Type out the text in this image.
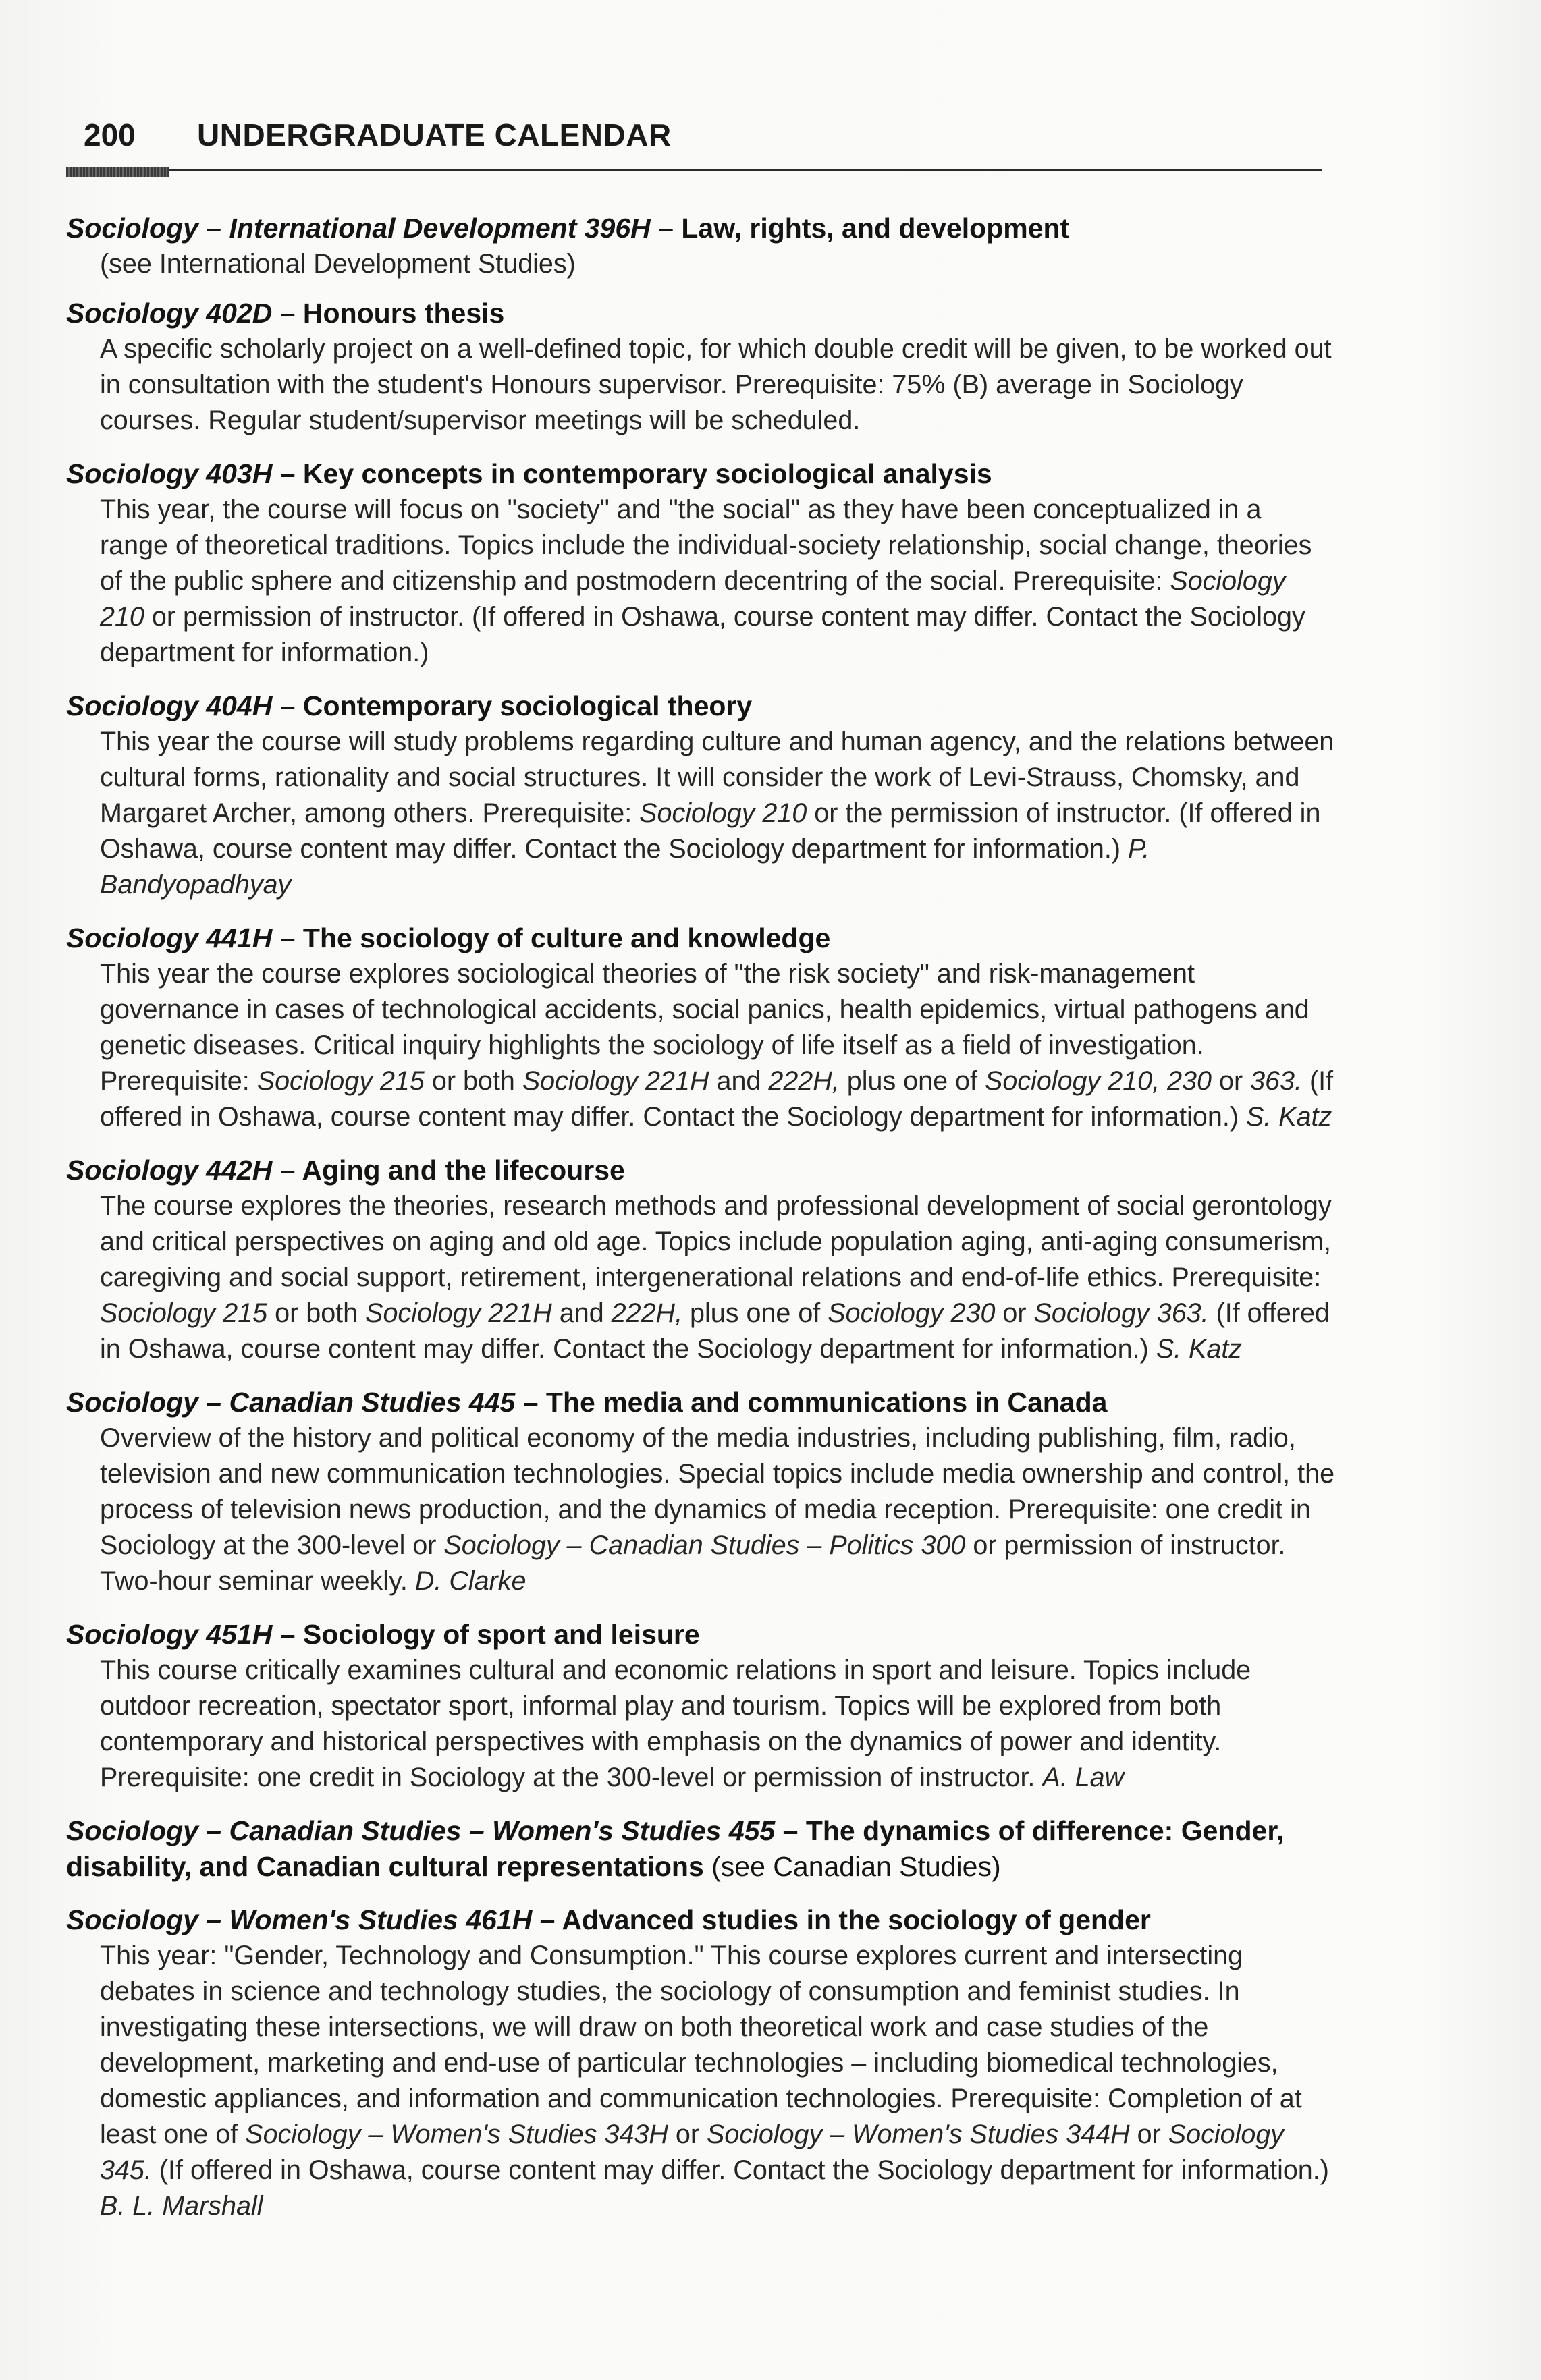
200 UNDERGRADUATE CALENDAR
Sociology – International Development 396H – Law, rights, and development
(see International Development Studies)
Sociology 402D – Honours thesis
A specific scholarly project on a well-defined topic, for which double credit will be given, to be worked out in consultation with the student's Honours supervisor. Prerequisite: 75% (B) average in Sociology courses. Regular student/supervisor meetings will be scheduled.
Sociology 403H – Key concepts in contemporary sociological analysis
This year, the course will focus on "society" and "the social" as they have been conceptualized in a range of theoretical traditions. Topics include the individual-society relationship, social change, theories of the public sphere and citizenship and postmodern decentring of the social. Prerequisite: Sociology 210 or permission of instructor. (If offered in Oshawa, course content may differ. Contact the Sociology department for information.)
Sociology 404H – Contemporary sociological theory
This year the course will study problems regarding culture and human agency, and the relations between cultural forms, rationality and social structures. It will consider the work of Levi-Strauss, Chomsky, and Margaret Archer, among others. Prerequisite: Sociology 210 or the permission of instructor. (If offered in Oshawa, course content may differ. Contact the Sociology department for information.) P. Bandyopadhyay
Sociology 441H – The sociology of culture and knowledge
This year the course explores sociological theories of "the risk society" and risk-management governance in cases of technological accidents, social panics, health epidemics, virtual pathogens and genetic diseases. Critical inquiry highlights the sociology of life itself as a field of investigation. Prerequisite: Sociology 215 or both Sociology 221H and 222H, plus one of Sociology 210, 230 or 363. (If offered in Oshawa, course content may differ. Contact the Sociology department for information.) S. Katz
Sociology 442H – Aging and the lifecourse
The course explores the theories, research methods and professional development of social gerontology and critical perspectives on aging and old age. Topics include population aging, anti-aging consumerism, caregiving and social support, retirement, intergenerational relations and end-of-life ethics. Prerequisite: Sociology 215 or both Sociology 221H and 222H, plus one of Sociology 230 or Sociology 363. (If offered in Oshawa, course content may differ. Contact the Sociology department for information.) S. Katz
Sociology – Canadian Studies 445 – The media and communications in Canada
Overview of the history and political economy of the media industries, including publishing, film, radio, television and new communication technologies. Special topics include media ownership and control, the process of television news production, and the dynamics of media reception. Prerequisite: one credit in Sociology at the 300-level or Sociology – Canadian Studies – Politics 300 or permission of instructor. Two-hour seminar weekly. D. Clarke
Sociology 451H – Sociology of sport and leisure
This course critically examines cultural and economic relations in sport and leisure. Topics include outdoor recreation, spectator sport, informal play and tourism. Topics will be explored from both contemporary and historical perspectives with emphasis on the dynamics of power and identity. Prerequisite: one credit in Sociology at the 300-level or permission of instructor. A. Law
Sociology – Canadian Studies – Women's Studies 455 – The dynamics of difference: Gender, disability, and Canadian cultural representations (see Canadian Studies)
Sociology – Women's Studies 461H – Advanced studies in the sociology of gender
This year: "Gender, Technology and Consumption." This course explores current and intersecting debates in science and technology studies, the sociology of consumption and feminist studies. In investigating these intersections, we will draw on both theoretical work and case studies of the development, marketing and end-use of particular technologies – including biomedical technologies, domestic appliances, and information and communication technologies. Prerequisite: Completion of at least one of Sociology – Women's Studies 343H or Sociology – Women's Studies 344H or Sociology 345. (If offered in Oshawa, course content may differ. Contact the Sociology department for information.) B. L. Marshall
